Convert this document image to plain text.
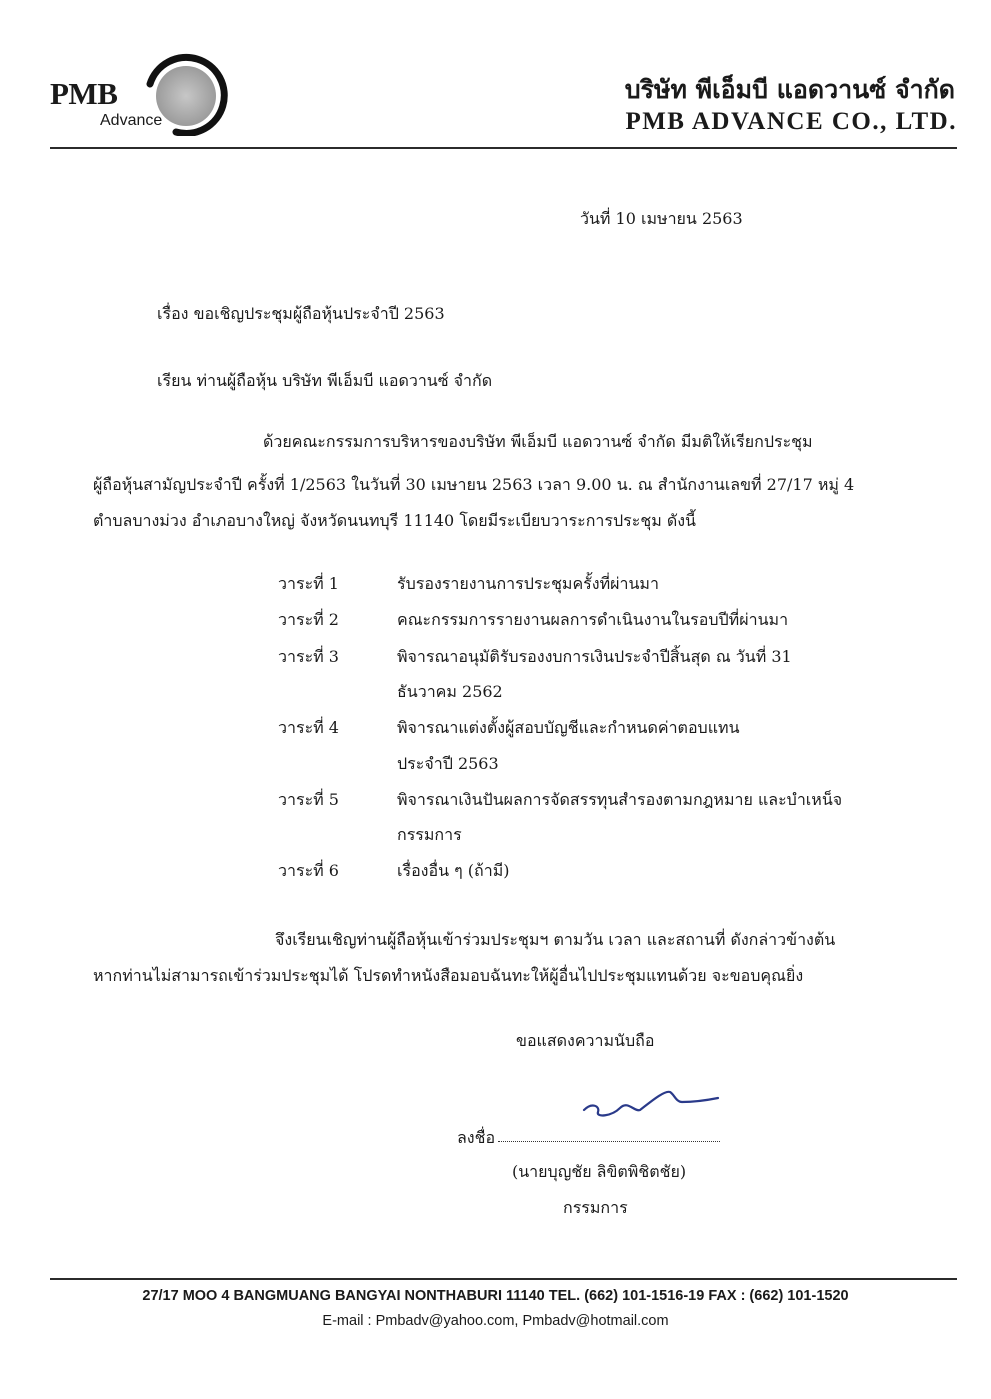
PMB
Advance
บริษัท พีเอ็มบี แอดวานซ์ จำกัด
PMB ADVANCE CO., LTD.
วันที่ 10 เมษายน 2563
เรื่อง ขอเชิญประชุมผู้ถือหุ้นประจำปี 2563
เรียน ท่านผู้ถือหุ้น บริษัท พีเอ็มบี แอดวานซ์ จำกัด
ด้วยคณะกรรมการบริหารของบริษัท พีเอ็มบี แอดวานซ์ จำกัด มีมติให้เรียกประชุม
ผู้ถือหุ้นสามัญประจำปี ครั้งที่ 1/2563 ในวันที่ 30 เมษายน 2563 เวลา 9.00 น. ณ สำนักงานเลขที่ 27/17 หมู่ 4
ตำบลบางม่วง อำเภอบางใหญ่ จังหวัดนนทบุรี 11140 โดยมีระเบียบวาระการประชุม ดังนี้
วาระที่ 1	รับรองรายงานการประชุมครั้งที่ผ่านมา
วาระที่ 2	คณะกรรมการรายงานผลการดำเนินงานในรอบปีที่ผ่านมา
วาระที่ 3	พิจารณาอนุมัติรับรองงบการเงินประจำปีสิ้นสุด ณ วันที่ 31
ธันวาคม 2562
วาระที่ 4	พิจารณาแต่งตั้งผู้สอบบัญชีและกำหนดค่าตอบแทน
ประจำปี 2563
วาระที่ 5	พิจารณาเงินปันผลการจัดสรรทุนสำรองตามกฎหมาย และบำเหน็จ
กรรมการ
วาระที่ 6	เรื่องอื่น ๆ (ถ้ามี)
จึงเรียนเชิญท่านผู้ถือหุ้นเข้าร่วมประชุมฯ ตามวัน เวลา และสถานที่ ดังกล่าวข้างต้น
หากท่านไม่สามารถเข้าร่วมประชุมได้ โปรดทำหนังสือมอบฉันทะให้ผู้อื่นไปประชุมแทนด้วย จะขอบคุณยิ่ง
ขอแสดงความนับถือ
ลงชื่อ
(นายบุญชัย ลิขิตพิชิตชัย)
กรรมการ
27/17 MOO 4 BANGMUANG BANGYAI NONTHABURI 11140 TEL. (662) 101-1516-19 FAX : (662) 101-1520
E-mail : Pmbadv@yahoo.com, Pmbadv@hotmail.com
